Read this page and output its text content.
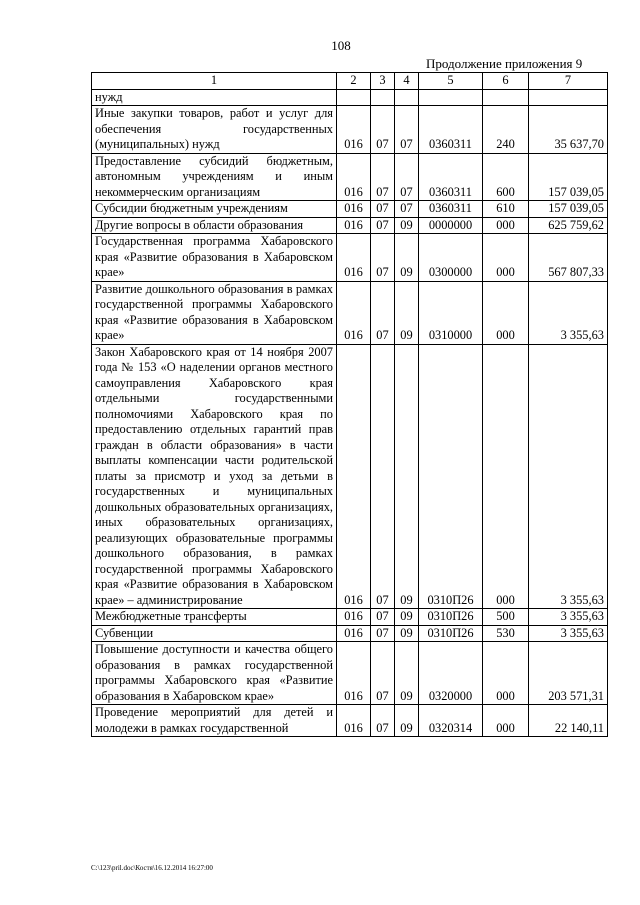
108
Продолжение приложения 9
1	2	3	4	5	6	7
нужд						
Иные закупки товаров, работ и услуг для обеспечения государственных (муниципальных) нужд	016	07	07	0360311	240	35 637,70
Предоставление субсидий бюджетным, автономным учреждениям и иным некоммерческим организациям	016	07	07	0360311	600	157 039,05
Субсидии бюджетным учреждениям	016	07	07	0360311	610	157 039,05
Другие вопросы в области образования	016	07	09	0000000	000	625 759,62
Государственная программа Хабаровского края «Развитие образования в Хабаровском крае»	016	07	09	0300000	000	567 807,33
Развитие дошкольного образования в рамках государственной программы Хабаровского края «Развитие образования в Хабаровском крае»	016	07	09	0310000	000	3 355,63
Закон Хабаровского края от 14 ноября 2007 года № 153 «О наделении органов местного самоуправления Хабаровского края отдельными государственными полномочиями Хабаровского края по предоставлению отдельных гарантий прав граждан в области образования» в части выплаты компенсации части родительской платы за присмотр и уход за детьми в государственных и муниципальных дошкольных образовательных организациях, иных образовательных организациях, реализующих образовательные программы дошкольного образования, в рамках государственной программы Хабаровского края «Развитие образования в Хабаровском крае» – администрирование	016	07	09	0310П26	000	3 355,63
Межбюджетные трансферты	016	07	09	0310П26	500	3 355,63
Субвенции	016	07	09	0310П26	530	3 355,63
Повышение доступности и качества общего образования в рамках государственной программы Хабаровского края «Развитие образования в Хабаровском крае»	016	07	09	0320000	000	203 571,31
Проведение мероприятий для детей и молодежи в рамках государственной	016	07	09	0320314	000	22 140,11
C:\123\pril.doc\Костя\16.12.2014 16:27:00
